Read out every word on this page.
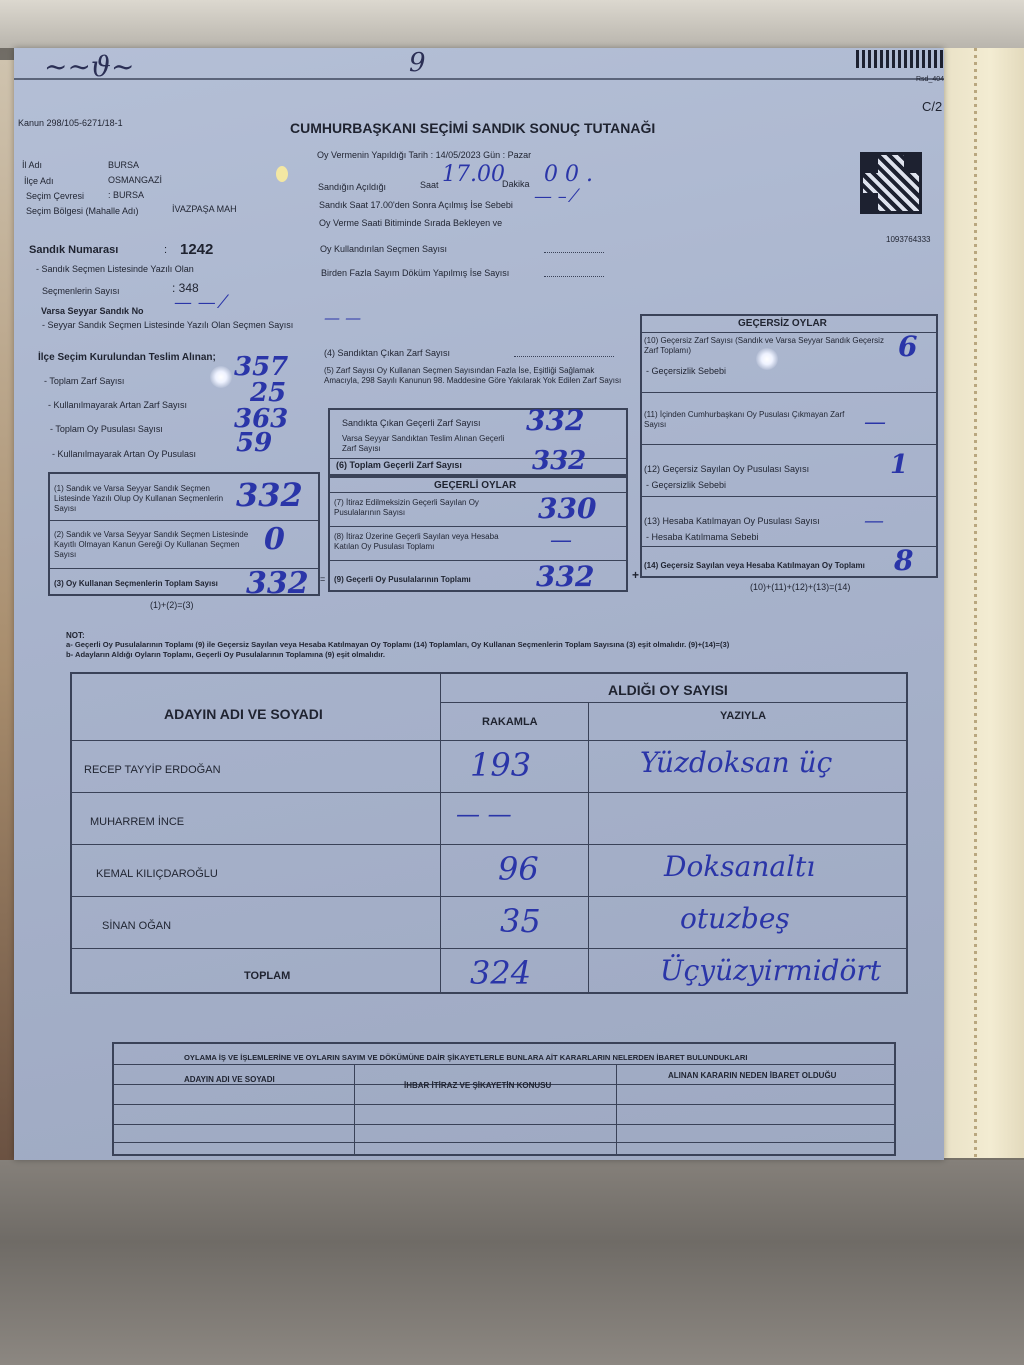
~∼ϑ~	9
Rsd_404
Kanun 298/105-6271/18-1
C/2
CUMHURBAŞKANI SEÇİMİ SANDIK SONUÇ TUTANAĞI
İl Adı	BURSA
İlçe Adı	OSMANGAZİ
Seçim Çevresi	: BURSA
Seçim Bölgesi (Mahalle Adı)	İVAZPAŞA MAH
Oy Vermenin Yapıldığı Tarih : 14/05/2023 Gün : Pazar
Sandığın Açıldığı	Saat 17.00
Dakika 0 0 .
Sandık Saat 17.00'den Sonra Açılmış İse Sebebi — – ⁄
Oy Verme Saati Bitiminde Sırada Bekleyen ve
Oy Kullandırılan Seçmen Sayısı
Birden Fazla Sayım Döküm Yapılmış İse Sayısı
1093764333
Sandık Numarası	: 1242
- Sandık Seçmen Listesinde Yazılı Olan
Seçmenlerin Sayısı	: 348
Varsa Seyyar Sandık No — — ⁄
- Seyyar Sandık Seçmen Listesinde Yazılı Olan Seçmen Sayısı — —
İlçe Seçim Kurulundan Teslim Alınan;
- Toplam Zarf Sayısı	357
- Kullanılmayarak Artan Zarf Sayısı 25
- Toplam Oy Pusulası Sayısı	363
- Kullanılmayarak Artan Oy Pusulası 59
(1) Sandık ve Varsa Seyyar Sandık Seçmen Listesinde Yazılı Olup Oy Kullanan Seçmenlerin Sayısı	332
(2) Sandık ve Varsa Seyyar Sandık Seçmen Listesinde Kayıtlı Olmayan Kanun Gereği Oy Kullanan Seçmen Sayısı	0
(3) Oy Kullanan Seçmenlerin Toplam Sayısı 332
(1)+(2)=(3)
=
(4) Sandıktan Çıkan Zarf Sayısı
(5) Zarf Sayısı Oy Kullanan Seçmen Sayısından Fazla İse, Eşitliği Sağlamak Amacıyla, 298 Sayılı Kanunun 98. Maddesine Göre Yakılarak Yok Edilen Zarf Sayısı
Sandıkta Çıkan Geçerli Zarf Sayısı 332
Varsa Seyyar Sandıktan Teslim Alınan Geçerli Zarf Sayısı
(6) Toplam Geçerli Zarf Sayısı	332
GEÇERLİ OYLAR
(7) İtiraz Edilmeksizin Geçerli Sayılan Oy Pusulalarının Sayısı	330
(8) İtiraz Üzerine Geçerli Sayılan veya Hesaba Katılan Oy Pusulası Toplamı	—
(9) Geçerli Oy Pusulalarının Toplamı 332	+
GEÇERSİZ OYLAR
(10) Geçersiz Zarf Sayısı (Sandık ve Varsa Seyyar Sandık Geçersiz Zarf Toplamı)	6
- Geçersizlik Sebebi
(11) İçinden Cumhurbaşkanı Oy Pusulası Çıkmayan Zarf Sayısı	—
(12) Geçersiz Sayılan Oy Pusulası Sayısı	1
- Geçersizlik Sebebi
(13) Hesaba Katılmayan Oy Pusulası Sayısı —
- Hesaba Katılmama Sebebi
(14) Geçersiz Sayılan veya Hesaba Katılmayan Oy Toplamı 8
(10)+(11)+(12)+(13)=(14)
NOT:
a- Geçerli Oy Pusulalarının Toplamı (9) ile Geçersiz Sayılan veya Hesaba Katılmayan Oy Toplamı (14) Toplamları, Oy Kullanan Seçmenlerin Toplam Sayısına (3) eşit olmalıdır. (9)+(14)=(3)
b- Adayların Aldığı Oyların Toplamı, Geçerli Oy Pusulalarının Toplamına (9) eşit olmalıdır.
ADAYIN ADI VE SOYADI
ALDIĞI OY SAYISI
RAKAMLA	YAZIYLA
RECEP TAYYİP ERDOĞAN	193	Yüzdoksan üç
MUHARREM İNCE	— —
KEMAL KILIÇDAROĞLU	96	Doksanaltı
SİNAN OĞAN	35	otuzbeş
TOPLAM	324	Üçyüzyirmidört
OYLAMA İŞ VE İŞLEMLERİNE VE OYLARIN SAYIM VE DÖKÜMÜNE DAİR ŞİKAYETLERLE BUNLARA AİT KARARLARIN NELERDEN İBARET BULUNDUKLARI
ADAYIN ADI VE SOYADI
İHBAR İTİRAZ VE ŞİKAYETİN KONUSU
ALINAN KARARIN NEDEN İBARET OLDUĞU
